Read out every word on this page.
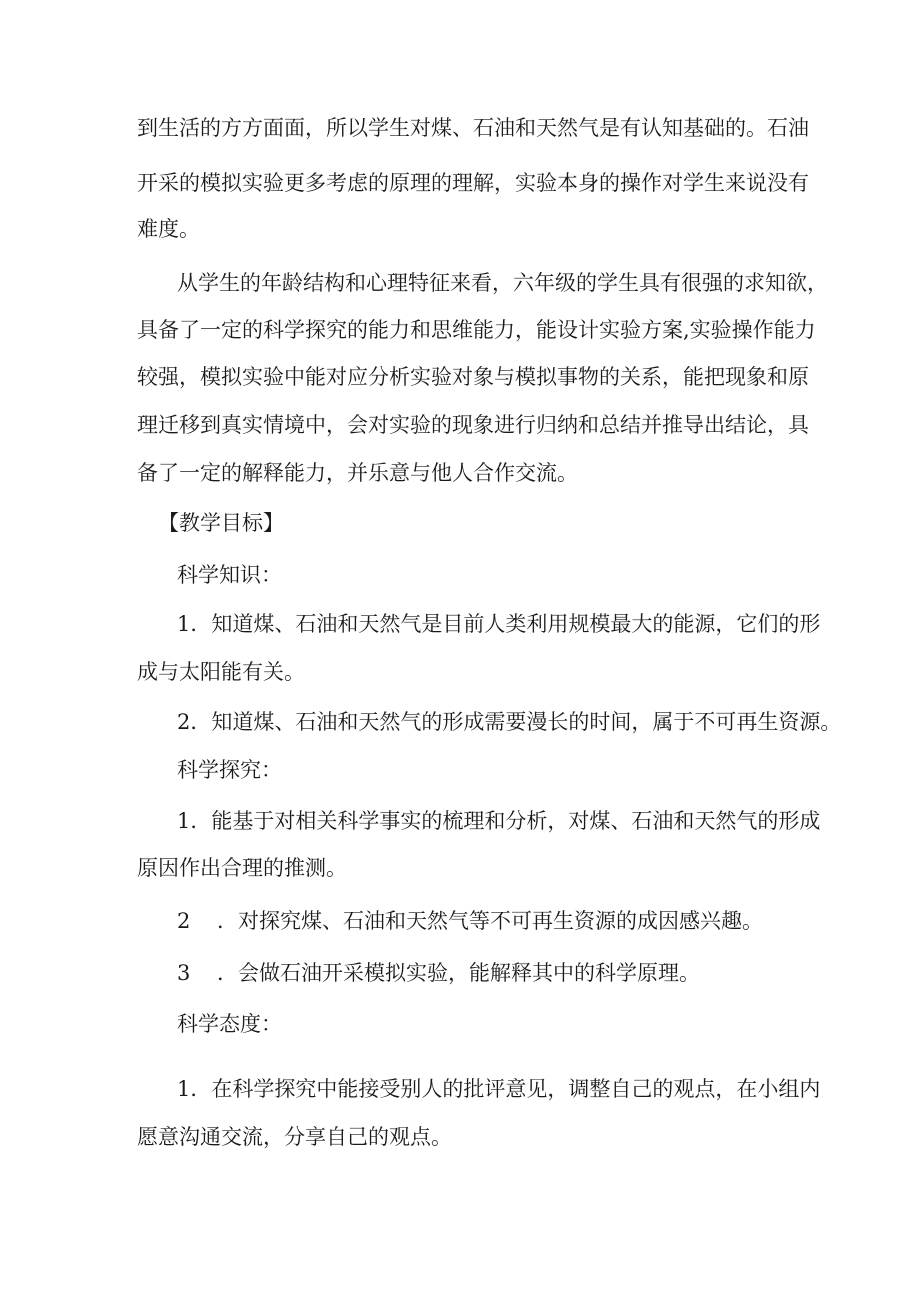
到生活的方方面面，所以学生对煤、石油和天然气是有认知基础的。石油
开采的模拟实验更多考虑的原理的理解，实验本身的操作对学生来说没有
难度。
从学生的年龄结构和心理特征来看，六年级的学生具有很强的求知欲，
具备了一定的科学探究的能力和思维能力，能设计实验方案,实验操作能力
较强，模拟实验中能对应分析实验对象与模拟事物的关系，能把现象和原
理迁移到真实情境中，会对实验的现象进行归纳和总结并推导出结论，具
备了一定的解释能力，并乐意与他人合作交流。
【教学目标】
科学知识：
1．知道煤、石油和天然气是目前人类利用规模最大的能源，它们的形
成与太阳能有关。
2．知道煤、石油和天然气的形成需要漫长的时间，属于不可再生资源。
科学探究：
1．能基于对相关科学事实的梳理和分析，对煤、石油和天然气的形成
原因作出合理的推测。
2 ．对探究煤、石油和天然气等不可再生资源的成因感兴趣。
3 ．会做石油开采模拟实验，能解释其中的科学原理。
科学态度：
1．在科学探究中能接受别人的批评意见，调整自己的观点，在小组内
愿意沟通交流，分享自己的观点。
